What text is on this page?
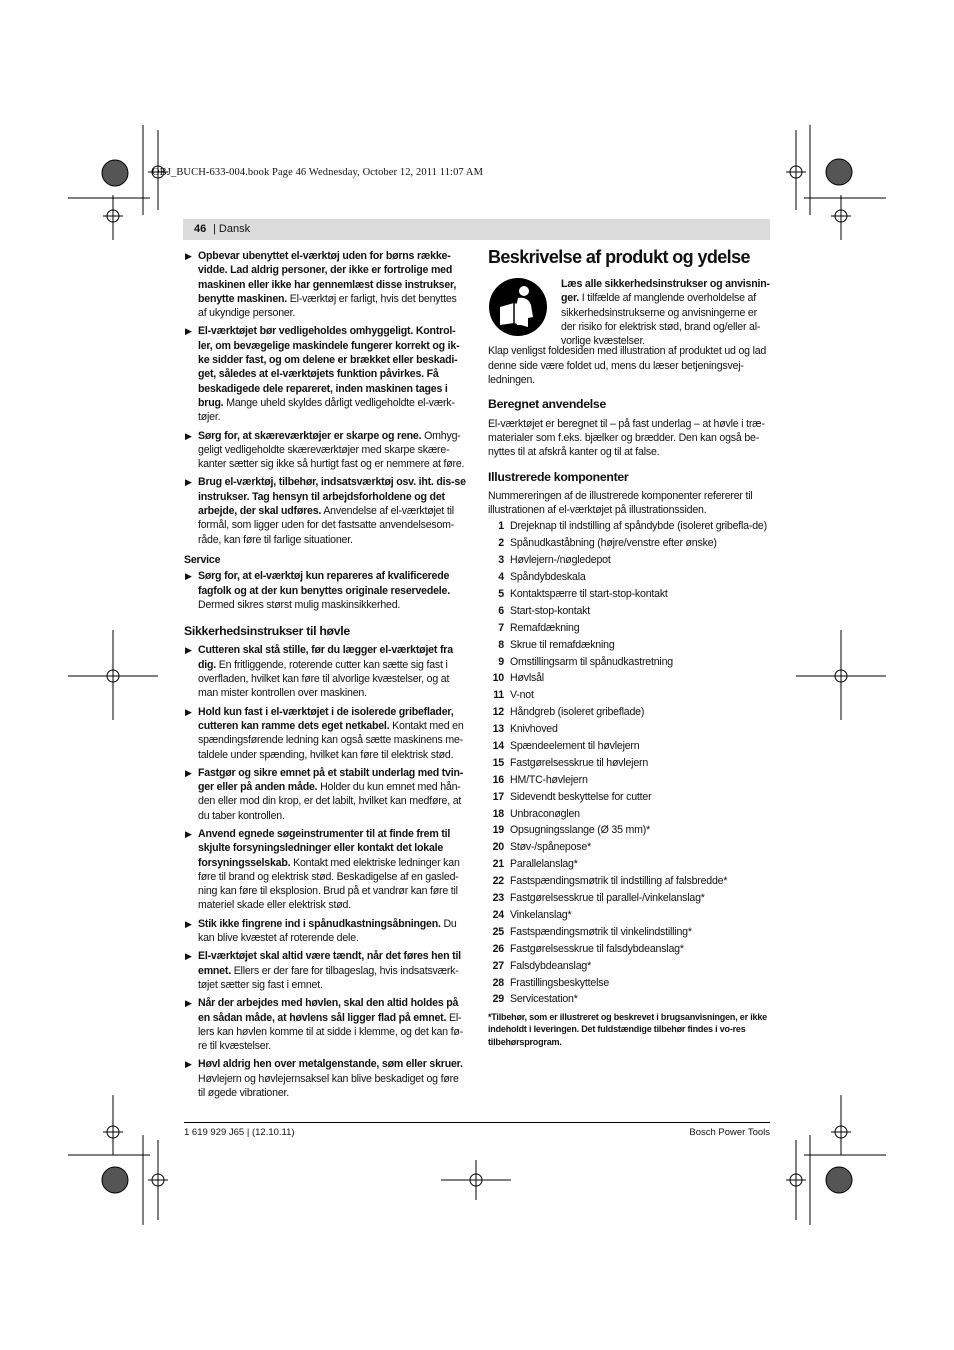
OBJ_BUCH-633-004.book Page 46 Wednesday, October 12, 2011 11:07 AM
46 | Dansk
▶ Opbevar ubenyttet el-værktøj uden for børns række-vidde. Lad aldrig personer, der ikke er fortrolige med maskinen eller ikke har gennemlæst disse instrukser, benytte maskinen. El-værktøj er farligt, hvis det benyttes af ukyndige personer.
▶ El-værktøjet bør vedligeholdes omhyggeligt. Kontrol-ler, om bevægelige maskindele fungerer korrekt og ik-ke sidder fast, og om delene er brækket eller beskadi-get, således at el-værktøjets funktion påvirkes. Få beskadigede dele repareret, inden maskinen tages i brug. Mange uheld skyldes dårligt vedligeholdte el-værk-tøjer.
▶ Sørg for, at skæreværktøjer er skarpe og rene. Omhyg-geligt vedligeholdte skæreværktøjer med skarpe skære-kanter sætter sig ikke så hurtigt fast og er nemmere at føre.
▶ Brug el-værktøj, tilbehør, indsatsværktøj osv. iht. dis-se instrukser. Tag hensyn til arbejdsforholdene og det arbejde, der skal udføres. Anvendelse af el-værktøjet til formål, som ligger uden for det fastsatte anvendelsesom-råde, kan føre til farlige situationer.
Service
▶ Sørg for, at el-værktøj kun repareres af kvalificerede fagfolk og at der kun benyttes originale reservedele. Dermed sikres størst mulig maskinsikkerhed.
Sikkerhedsinstrukser til høvle
▶ Cutteren skal stå stille, før du lægger el-værktøjet fra dig. En fritliggende, roterende cutter kan sætte sig fast i overfladen, hvilket kan føre til alvorlige kvæstelser, og at man mister kontrollen over maskinen.
▶ Hold kun fast i el-værktøjet i de isolerede gribeflader, cutteren kan ramme dets eget netkabel. Kontakt med en spændingsførende ledning kan også sætte maskinens me-taldele under spænding, hvilket kan føre til elektrisk stød.
▶ Fastgør og sikre emnet på et stabilt underlag med tvin-ger eller på anden måde. Holder du kun emnet med hån-den eller mod din krop, er det labilt, hvilket kan medføre, at du taber kontrollen.
▶ Anvend egnede søgeinstrumenter til at finde frem til skjulte forsyningsledninger eller kontakt det lokale forsyningsselskab. Kontakt med elektriske ledninger kan føre til brand og elektrisk stød. Beskadigelse af en gasled-ning kan føre til eksplosion. Brud på et vandrør kan føre til materiel skade eller elektrisk stød.
▶ Stik ikke fingrene ind i spånudkastningsåbningen. Du kan blive kvæstet af roterende dele.
▶ El-værktøjet skal altid være tændt, når det føres hen til emnet. Ellers er der fare for tilbageslag, hvis indsatsværk-tøjet sætter sig fast i emnet.
▶ Når der arbejdes med høvlen, skal den altid holdes på en sådan måde, at høvlens sål ligger flad på emnet. El-lers kan høvlen komme til at sidde i klemme, og det kan fø-re til kvæstelser.
▶ Høvl aldrig hen over metalgenstande, søm eller skruer. Høvlejern og høvlejernsaksel kan blive beskadiget og føre til øgede vibrationer.
Beskrivelse af produkt og ydelse
Læs alle sikkerhedsinstrukser og anvisnin-ger. I tilfælde af manglende overholdelse af sikkerhedsinstrukserne og anvisningerne er der risiko for elektrisk stød, brand og/eller al-vorlige kvæstelser.
Klap venligst foldesiden med illustration af produktet ud og lad denne side være foldet ud, mens du læser betjeningsvej-ledningen.
Beregnet anvendelse
El-værktøjet er beregnet til – på fast underlag – at høvle i træ-materialer som f.eks. bjælker og brædder. Den kan også be-nyttes til at afskrå kanter og til at false.
Illustrerede komponenter
Nummereringen af de illustrerede komponenter refererer til illustrationen af el-værktøjet på illustrationssiden.
1 Drejeknap til indstilling af spåndybde (isoleret gribefla-de)
2 Spånudkaståbning (højre/venstre efter ønske)
3 Høvlejern-/nøgledepot
4 Spåndybdeskala
5 Kontaktspærre til start-stop-kontakt
6 Start-stop-kontakt
7 Remafdækning
8 Skrue til remafdækning
9 Omstillingsarm til spånudkastretning
10 Høvlsål
11 V-not
12 Håndgreb (isoleret gribeflade)
13 Knivhoved
14 Spændeelement til høvlejern
15 Fastgørelsesskrue til høvlejern
16 HM/TC-høvlejern
17 Sidevendt beskyttelse for cutter
18 Unbraconøglen
19 Opsugningsslange (Ø 35 mm)*
20 Støv-/spånepose*
21 Parallelanslag*
22 Fastspændingsmøtrik til indstilling af falsbredde*
23 Fastgørelsesskrue til parallel-/vinkelanslag*
24 Vinkelanslag*
25 Fastspændingsmøtrik til vinkelindstilling*
26 Fastgørelsesskrue til falsdybdeanslag*
27 Falsdybdeanslag*
28 Frastillingsbeskyttelse
29 Servicestation*
*Tilbehør, som er illustreret og beskrevet i brugsanvisningen, er ikke indeholdt i leveringen. Det fuldstændige tilbehør findes i vo-res tilbehørsprogram.
1 619 929 J65 | (12.10.11)	Bosch Power Tools
